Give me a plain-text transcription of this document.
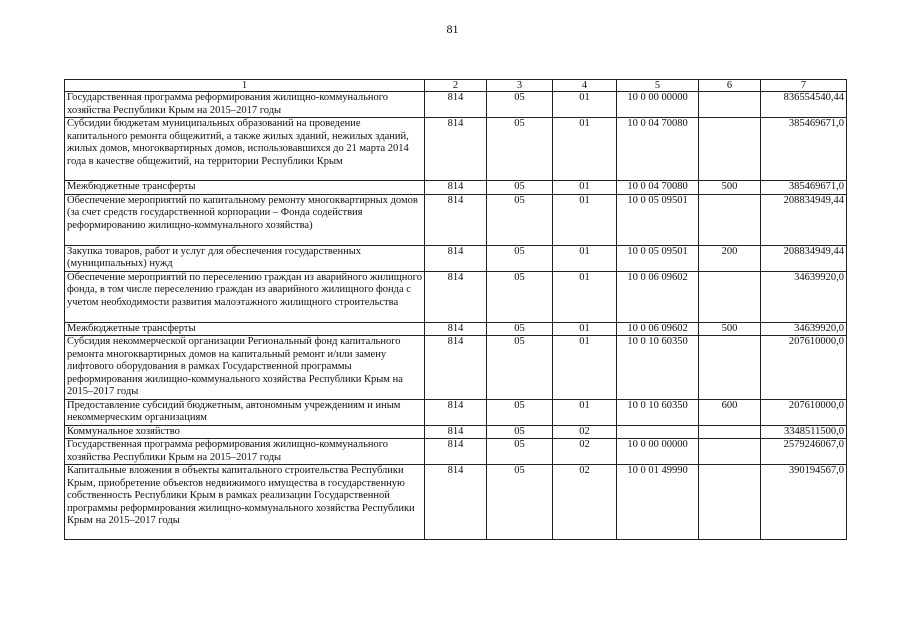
81
1	2	3	4	5	6	7
Государственная программа реформирования жилищно-коммунального хозяйства Республики Крым на 2015–2017 годы	814	05	01	10 0 00 00000		836554540,44
Субсидии бюджетам муниципальных образований на проведение капитального ремонта общежитий, а также жилых зданий, нежилых зданий, жилых домов, многоквартирных домов, использовавшихся до 21 марта 2014 года в качестве общежитий, на территории Республики Крым	814	05	01	10 0 04 70080		385469671,0
Межбюджетные трансферты	814	05	01	10 0 04 70080	500	385469671,0
Обеспечение мероприятий по капитальному ремонту многоквартирных домов (за счет средств государственной корпорации – Фонда содействия реформированию жилищно-коммунального хозяйства)	814	05	01	10 0 05 09501		208834949,44
Закупка товаров, работ и услуг для обеспечения государственных (муниципальных) нужд	814	05	01	10 0 05 09501	200	208834949,44
Обеспечение мероприятий по переселению граждан из аварийного жилищного фонда, в том числе переселению граждан из аварийного жилищного фонда с учетом необходимости развития малоэтажного жилищного строительства	814	05	01	10 0 06 09602		34639920,0
Межбюджетные трансферты	814	05	01	10 0 06 09602	500	34639920,0
Субсидия некоммерческой организации Региональный фонд капитального ремонта многоквартирных домов на капитальный ремонт и/или замену лифтового оборудования в рамках Государственной программы реформирования жилищно-коммунального хозяйства Республики Крым на 2015–2017 годы	814	05	01	10 0 10 60350		207610000,0
Предоставление субсидий бюджетным, автономным учреждениям и иным некоммерческим организациям	814	05	01	10 0 10 60350	600	207610000,0
Коммунальное хозяйство	814	05	02			3348511500,0
Государственная программа реформирования жилищно-коммунального хозяйства Республики Крым на 2015–2017 годы	814	05	02	10 0 00 00000		2579246067,0
Капитальные вложения в объекты капитального строительства Республики Крым, приобретение объектов недвижимого имущества в государственную собственность Республики Крым в рамках реализации Государственной программы реформирования жилищно-коммунального хозяйства Республики Крым на 2015–2017 годы	814	05	02	10 0 01 49990		390194567,0
